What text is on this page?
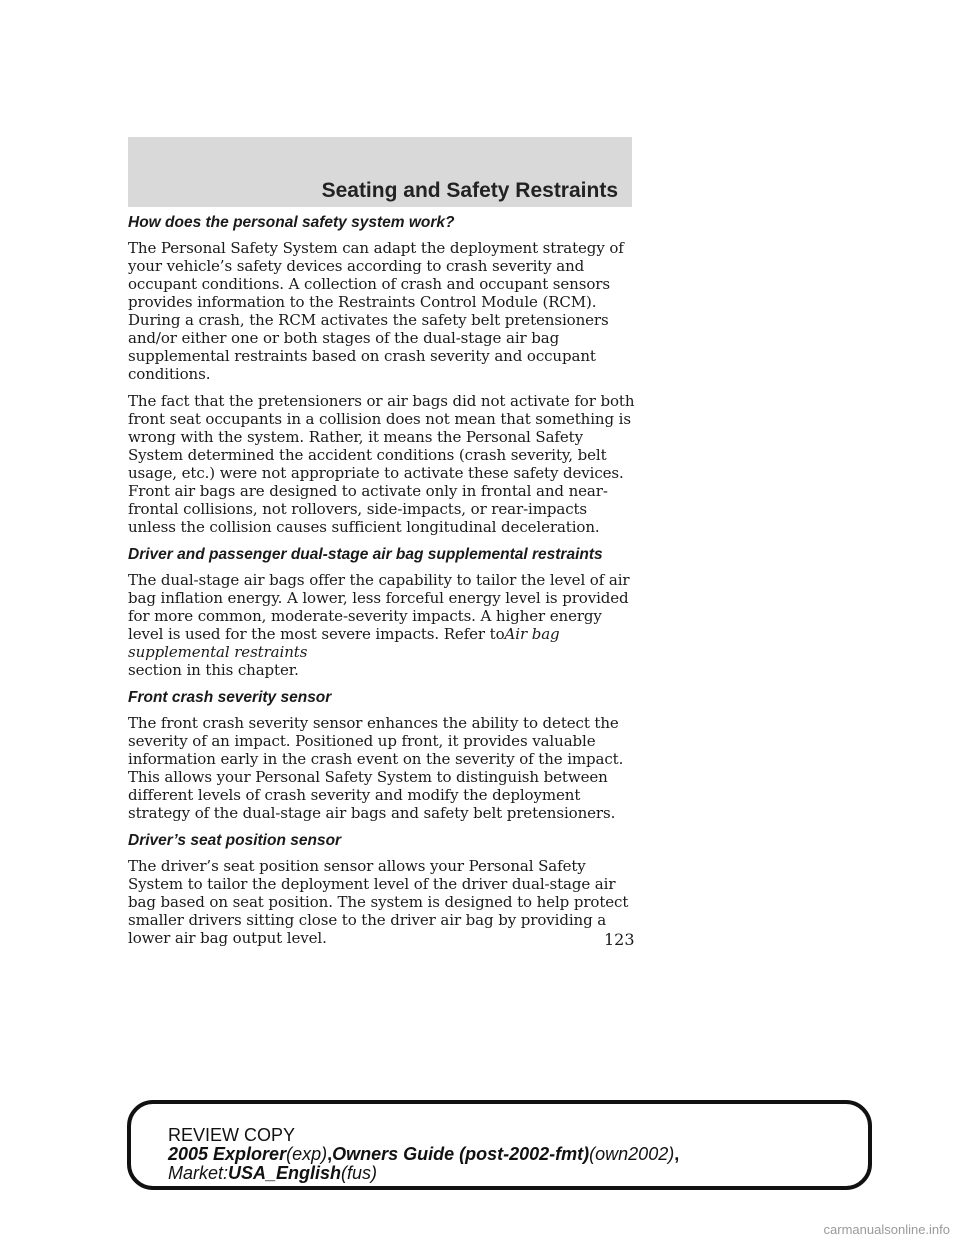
Seating and Safety Restraints
How does the personal safety system work?

The Personal Safety System can adapt the deployment strategy of your vehicle’s safety devices according to crash severity and occupant conditions. A collection of crash and occupant sensors provides information to the Restraints Control Module (RCM). During a crash, the RCM activates the safety belt pretensioners and/or either one or both stages of the dual-stage air bag supplemental restraints based on crash severity and occupant conditions.

The fact that the pretensioners or air bags did not activate for both front seat occupants in a collision does not mean that something is wrong with the system. Rather, it means the Personal Safety System determined the accident conditions (crash severity, belt usage, etc.) were not appropriate to activate these safety devices. Front air bags are designed to activate only in frontal and near-frontal collisions, not rollovers, side-impacts, or rear-impacts unless the collision causes sufficient longitudinal deceleration.

Driver and passenger dual-stage air bag supplemental restraints

The dual-stage air bags offer the capability to tailor the level of air bag inflation energy. A lower, less forceful energy level is provided for more common, moderate-severity impacts. A higher energy level is used for the most severe impacts. Refer toAir bag supplemental restraints
section in this chapter.

Front crash severity sensor

The front crash severity sensor enhances the ability to detect the severity of an impact. Positioned up front, it provides valuable information early in the crash event on the severity of the impact. This allows your Personal Safety System to distinguish between different levels of crash severity and modify the deployment strategy of the dual-stage air bags and safety belt pretensioners.

Driver’s seat position sensor

The driver’s seat position sensor allows your Personal Safety System to tailor the deployment level of the driver dual-stage air bag based on seat position. The system is designed to help protect smaller drivers sitting close to the driver air bag by providing a lower air bag output level.	123
REVIEW COPY
2005 Explorer(exp),Owners Guide (post-2002-fmt)(own2002),
Market:USA_English(fus)
carmanualsonline.info
